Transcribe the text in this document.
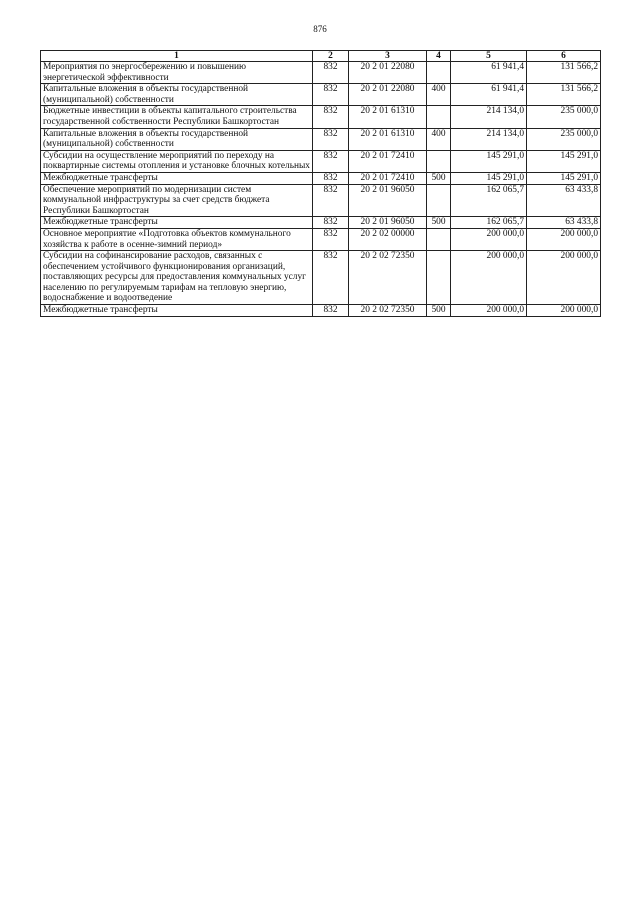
876
1	2	3	4	5	6
Мероприятия по энергосбережению и повышению энергетической эффективности	832	20 2 01 22080		61 941,4	131 566,2
Капитальные вложения в объекты государственной (муниципальной) собственности	832	20 2 01 22080	400	61 941,4	131 566,2
Бюджетные инвестиции в объекты капитального строительства государственной собственности Республики Башкортостан	832	20 2 01 61310		214 134,0	235 000,0
Капитальные вложения в объекты государственной (муниципальной) собственности	832	20 2 01 61310	400	214 134,0	235 000,0
Субсидии на осуществление мероприятий по переходу на поквартирные системы отопления и установке блочных котельных	832	20 2 01 72410		145 291,0	145 291,0
Межбюджетные трансферты	832	20 2 01 72410	500	145 291,0	145 291,0
Обеспечение мероприятий по модернизации систем коммунальной инфраструктуры за счет средств бюджета Республики Башкортостан	832	20 2 01 96050		162 065,7	63 433,8
Межбюджетные трансферты	832	20 2 01 96050	500	162 065,7	63 433,8
Основное мероприятие «Подготовка объектов коммунального хозяйства к работе в осенне-зимний период»	832	20 2 02 00000		200 000,0	200 000,0
Субсидии на софинансирование расходов, связанных с обеспечением устойчивого функционирования организаций, поставляющих ресурсы для предоставления коммунальных услуг населению по регулируемым тарифам на тепловую энергию, водоснабжение и водоотведение	832	20 2 02 72350		200 000,0	200 000,0
Межбюджетные трансферты	832	20 2 02 72350	500	200 000,0	200 000,0
